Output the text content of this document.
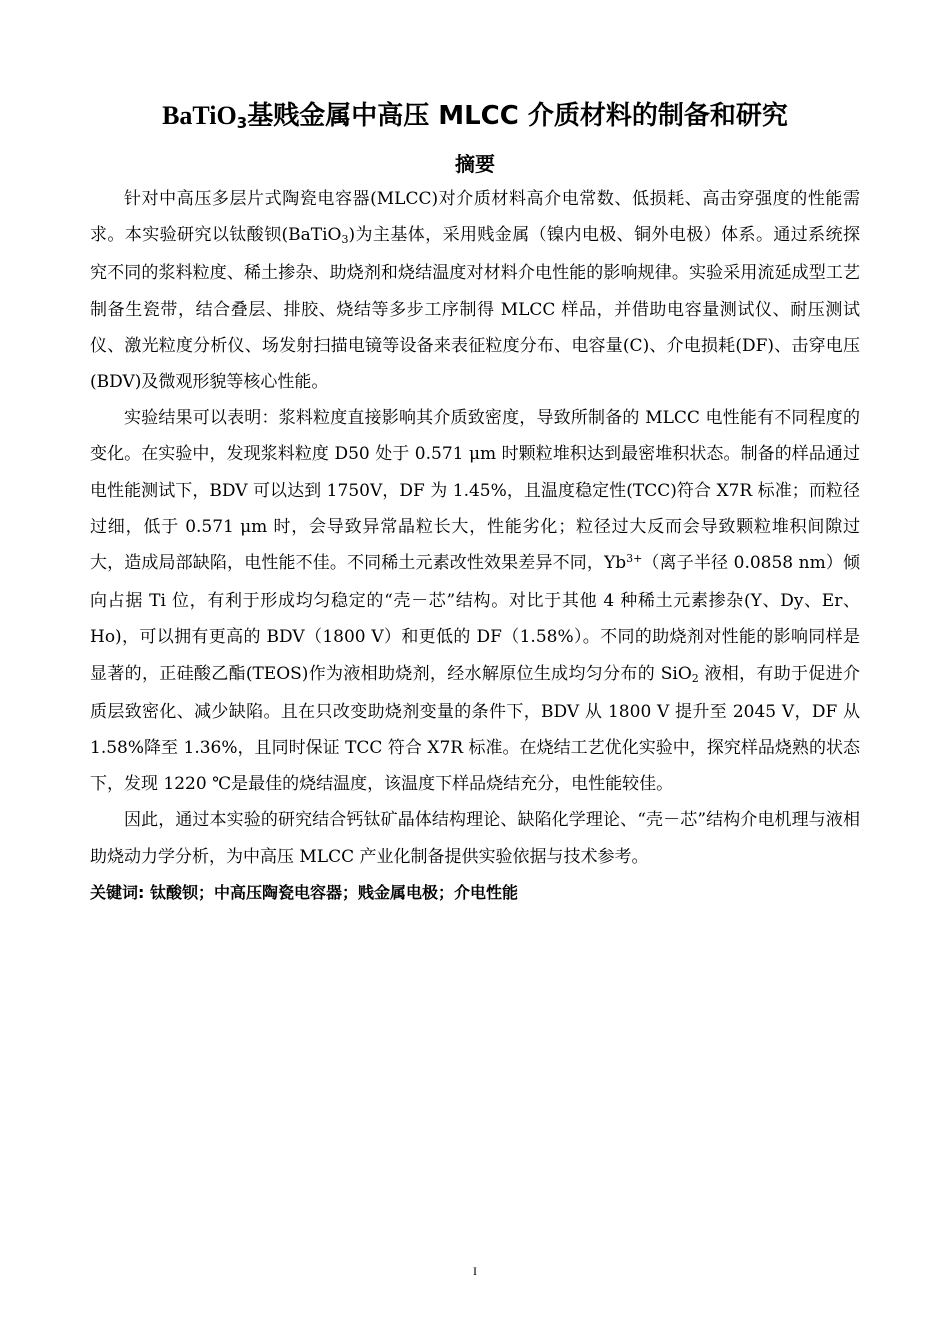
BaTiO$_3$基贱金属中高压 MLCC 介质材料的制备和研究
摘要

针对中高压多层片式陶瓷电容器(MLCC)对介质材料高介电常数、低损耗、高击穿强度的性能需求。本实验研究以钛酸钡(BaTiO$_3$)为主基体，采用贱金属（镍内电极、铜外电极）体系。通过系统探究不同的浆料粒度、稀土掺杂、助烧剂和烧结温度对材料介电性能的影响规律。实验采用流延成型工艺制备生瓷带，结合叠层、排胶、烧结等多步工序制得 MLCC 样品，并借助电容量测试仪、耐压测试仪、激光粒度分析仪、场发射扫描电镜等设备来表征粒度分布、电容量(C)、介电损耗(DF)、击穿电压(BDV)及微观形貌等核心性能。

实验结果可以表明：浆料粒度直接影响其介质致密度，导致所制备的 MLCC 电性能有不同程度的变化。在实验中，发现浆料粒度 D50 处于 0.571 μm 时颗粒堆积达到最密堆积状态。制备的样品通过电性能测试下，BDV 可以达到 1750V，DF 为 1.45%，且温度稳定性(TCC)符合 X7R 标准；而粒径过细，低于 0.571 μm 时，会导致异常晶粒长大，性能劣化；粒径过大反而会导致颗粒堆积间隙过大，造成局部缺陷，电性能不佳。不同稀土元素改性效果差异不同，$Yb^{3+}$（离子半径 0.0858 nm）倾向占据 Ti 位，有利于形成均匀稳定的“壳－芯”结构。对比于其他 4 种稀土元素掺杂(Y、Dy、Er、Ho)，可以拥有更高的 BDV（1800 V）和更低的 DF（1.58%）。不同的助烧剂对性能的影响同样是显著的，正硅酸乙酯(TEOS)作为液相助烧剂，经水解原位生成均匀分布的 SiO$_2$ 液相，有助于促进介质层致密化、减少缺陷。且在只改变助烧剂变量的条件下，BDV 从 1800 V 提升至 2045 V，DF 从 1.58%降至 1.36%，且同时保证 TCC 符合 X7R 标准。在烧结工艺优化实验中，探究样品烧熟的状态下，发现 1220 ℃是最佳的烧结温度，该温度下样品烧结充分，电性能较佳。

因此，通过本实验的研究结合钙钛矿晶体结构理论、缺陷化学理论、“壳－芯”结构介电机理与液相助烧动力学分析，为中高压 MLCC 产业化制备提供实验依据与技术参考。

关键词: 钛酸钡；中高压陶瓷电容器；贱金属电极；介电性能

I
